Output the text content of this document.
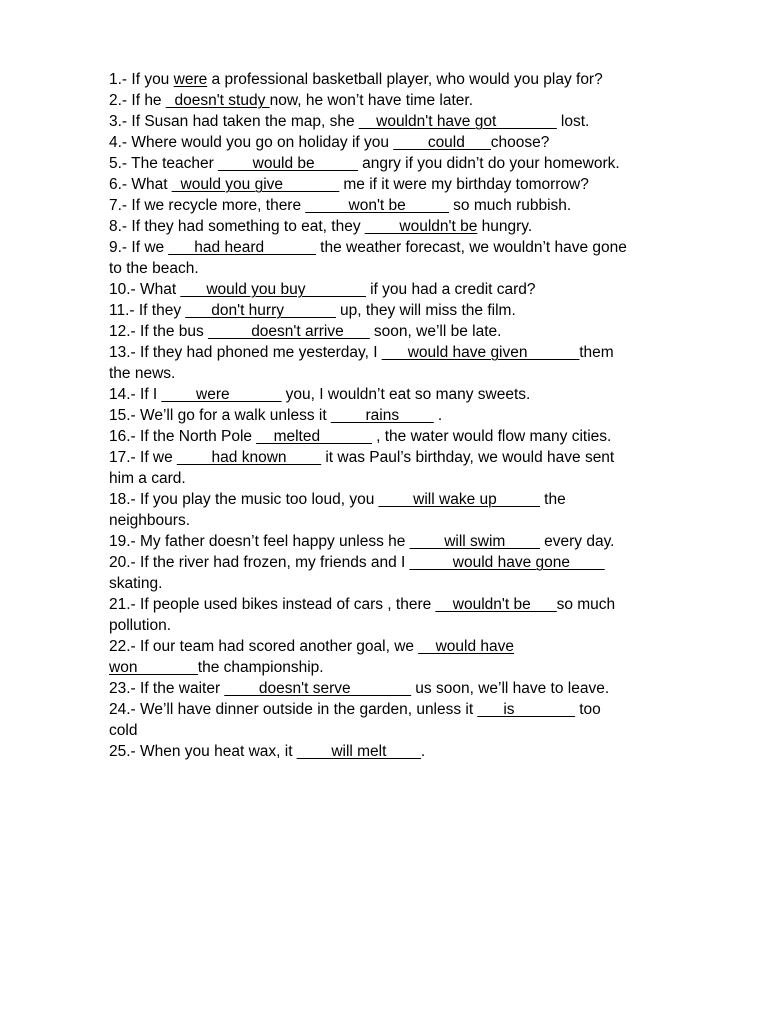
1.- If you were a professional basketball player, who would you play for?
2.- If he _doesn't study now, he won’t have time later.
3.- If Susan had taken the map, she __wouldn't have got_______ lost.
4.- Where would you go on holiday if you ____could___choose?
5.- The teacher ____would be_____ angry if you didn’t do your homework.
6.- What _would you give ______ me if it were my birthday tomorrow?
7.- If we recycle more, there _____won't be_____ so much rubbish.
8.- If they had something to eat, they ____wouldn't be hungry.
9.- If we ___had heard______ the weather forecast, we wouldn’t have gone
to the beach.
10.- What ___would you buy_______ if you had a credit card?
11.- If they ___don't hurry______ up, they will miss the film.
12.- If the bus _____doesn't arrive___ soon, we’ll be late.
13.- If they had phoned me yesterday, I ___would have given______them
the news.
14.- If I ____were______ you, I wouldn’t eat so many sweets.
15.- We’ll go for a walk unless it ____rains____ .
16.- If the North Pole __melted______ , the water would flow many cities.
17.- If we ____had known____ it was Paul’s birthday, we would have sent
him a card.
18.- If you play the music too loud, you ____will wake up_____ the
neighbours.
19.- My father doesn’t feel happy unless he ____will swim____ every day.
20.- If the river had frozen, my friends and I _____would have gone____
skating.
21.- If people used bikes instead of cars , there __wouldn't be___so much
pollution.
22.- If our team had scored another goal, we __would have
won_______the championship.
23.- If the waiter ____doesn't serve_______ us soon, we’ll have to leave.
24.- We’ll have dinner outside in the garden, unless it ___is_______ too
cold
25.- When you heat wax, it ____will melt____.
